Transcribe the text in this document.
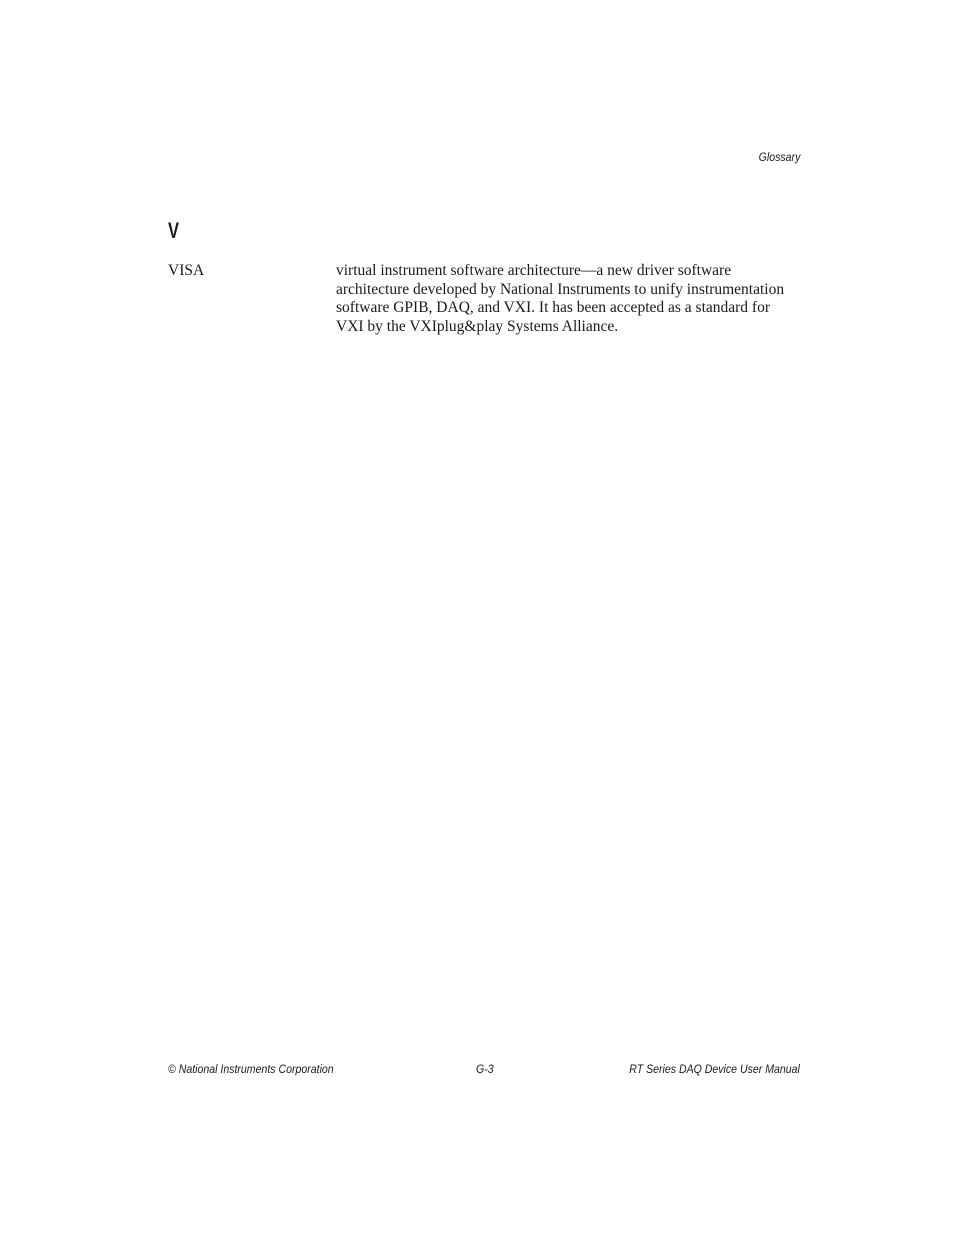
Glossary
V
VISA	virtual instrument software architecture—a new driver software architecture developed by National Instruments to unify instrumentation software GPIB, DAQ, and VXI. It has been accepted as a standard for VXI by the VXIplug&play Systems Alliance.
© National Instruments Corporation	G-3	RT Series DAQ Device User Manual
